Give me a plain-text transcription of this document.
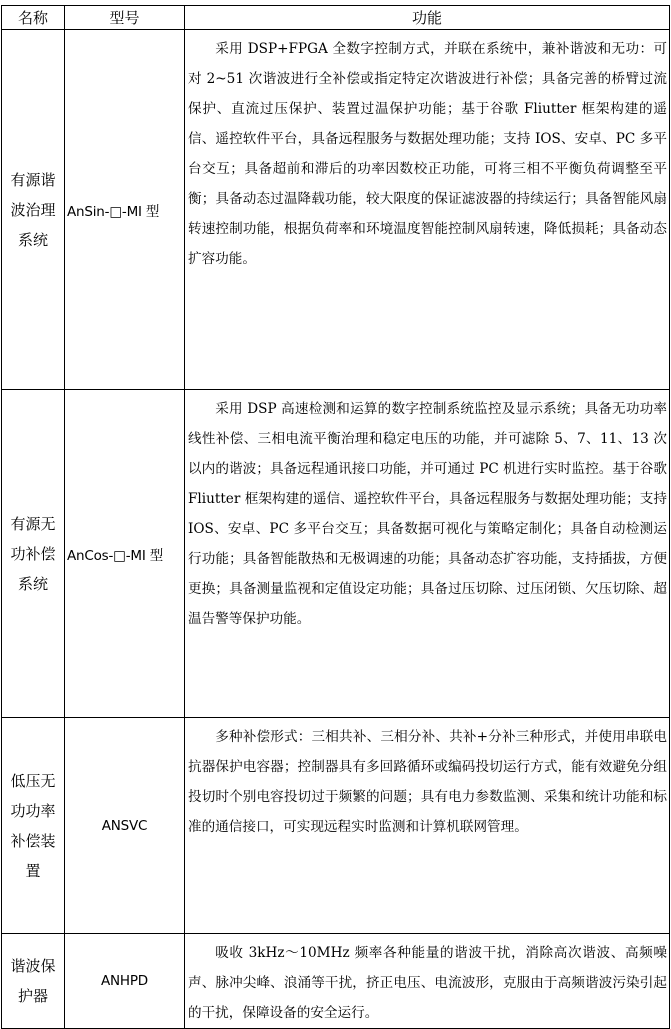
名称	型号	功能
有源谐波治理系统	AnSin-□-MI 型	采用 DSP+FPGA 全数字控制方式，并联在系统中，兼补谐波和无功：可对 2~51 次谐波进行全补偿或指定特定次谐波进行补偿；具备完善的桥臂过流保护、直流过压保护、装置过温保护功能；基于谷歌 Fliutter 框架构建的遥信、遥控软件平台，具备远程服务与数据处理功能；支持 IOS、安卓、PC 多平台交互；具备超前和滞后的功率因数校正功能，可将三相不平衡负荷调整至平衡；具备动态过温降载功能，较大限度的保证滤波器的持续运行；具备智能风扇转速控制功能，根据负荷率和环境温度智能控制风扇转速，降低损耗；具备动态扩容功能。

有源无功补偿系统	AnCos-□-MI 型	采用 DSP 高速检测和运算的数字控制系统监控及显示系统；具备无功功率线性补偿、三相电流平衡治理和稳定电压的功能，并可滤除 5、7、11、13 次以内的谐波；具备远程通讯接口功能，并可通过 PC 机进行实时监控。基于谷歌 Fliutter 框架构建的遥信、遥控软件平台，具备远程服务与数据处理功能；支持 IOS、安卓、PC 多平台交互；具备数据可视化与策略定制化；具备自动检测运行功能；具备智能散热和无极调速的功能；具备动态扩容功能，支持插拔，方便更换；具备测量监视和定值设定功能；具备过压切除、过压闭锁、欠压切除、超温告警等保护功能。

低压无功功率补偿装置	ANSVC	多种补偿形式：三相共补、三相分补、共补+分补三种形式，并使用串联电抗器保护电容器；控制器具有多回路循环或编码投切运行方式，能有效避免分组投切时个别电容投切过于频繁的问题；具有电力参数监测、采集和统计功能和标准的通信接口，可实现远程实时监测和计算机联网管理。

谐波保护器	ANHPD	吸收 3kHz～10MHz 频率各种能量的谐波干扰，消除高次谐波、高频噪声、脉冲尖峰、浪涌等干扰，挤正电压、电流波形，克服由于高频谐波污染引起的干扰，保障设备的安全运行。
